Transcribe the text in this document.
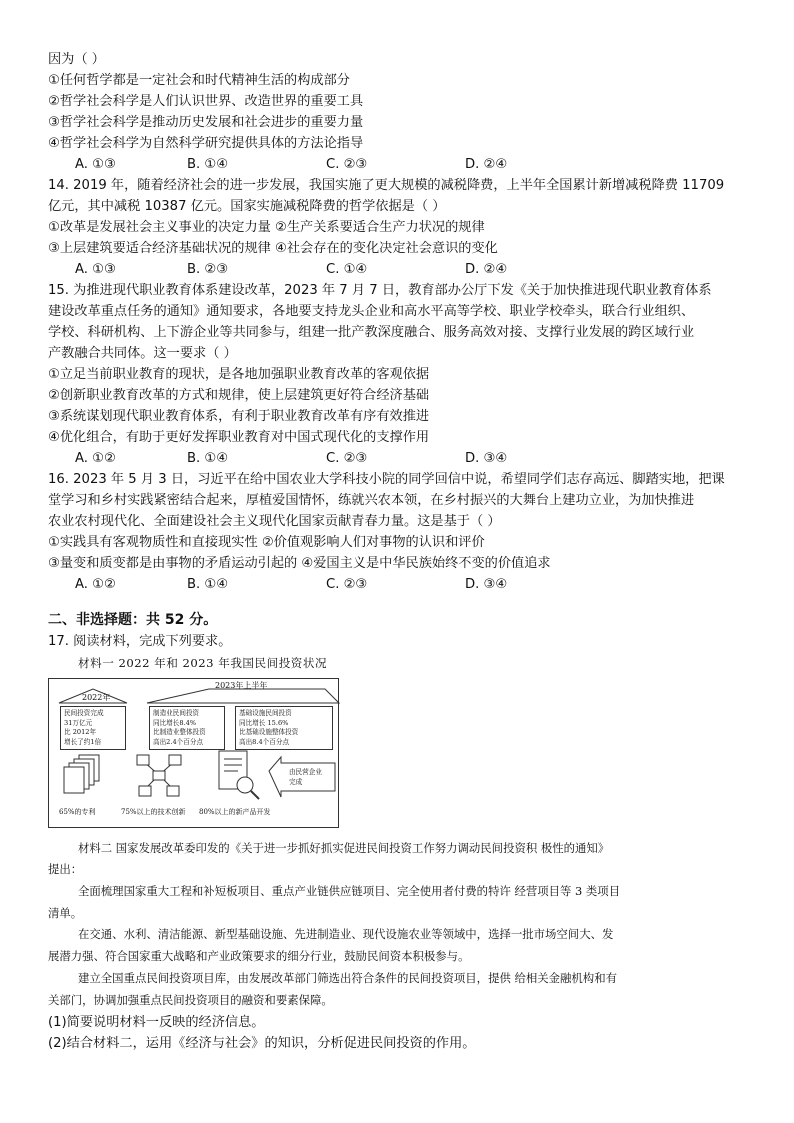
因为（ ）
①任何哲学都是一定社会和时代精神生活的构成部分
②哲学社会科学是人们认识世界、改造世界的重要工具
③哲学社会科学是推动历史发展和社会进步的重要力量
④哲学社会科学为自然科学研究提供具体的方法论指导
A. ①③	B. ①④	C. ②③	D. ②④
14. 2019 年，随着经济社会的进一步发展，我国实施了更大规模的减税降费，上半年全国累计新增减税降费 11709
亿元，其中减税 10387 亿元。国家实施减税降费的哲学依据是（ ）
①改革是发展社会主义事业的决定力量 ②生产关系要适合生产力状况的规律
③上层建筑要适合经济基础状况的规律 ④社会存在的变化决定社会意识的变化
A. ①③	B. ②③	C. ①④	D. ②④
15. 为推进现代职业教育体系建设改革，2023 年 7 月 7 日，教育部办公厅下发《关于加快推进现代职业教育体系
建设改革重点任务的通知》通知要求，各地要支持龙头企业和高水平高等学校、职业学校牵头，联合行业组织、
学校、科研机构、上下游企业等共同参与，组建一批产教深度融合、服务高效对接、支撑行业发展的跨区域行业
产教融合共同体。这一要求（ ）
①立足当前职业教育的现状，是各地加强职业教育改革的客观依据
②创新职业教育改革的方式和规律，使上层建筑更好符合经济基础
③系统谋划现代职业教育体系，有利于职业教育改革有序有效推进
④优化组合，有助于更好发挥职业教育对中国式现代化的支撑作用
A. ①②	B. ①④	C. ②③	D. ③④
16. 2023 年 5 月 3 日，习近平在给中国农业大学科技小院的同学回信中说，希望同学们志存高远、脚踏实地，把课
堂学习和乡村实践紧密结合起来，厚植爱国情怀，练就兴农本领，在乡村振兴的大舞台上建功立业，为加快推进
农业农村现代化、全面建设社会主义现代化国家贡献青春力量。这是基于（ ）
①实践具有客观物质性和直接现实性 ②价值观影响人们对事物的认识和评价
③量变和质变都是由事物的矛盾运动引起的 ④爱国主义是中华民族始终不变的价值追求
A. ①②	B. ①④	C. ②③	D. ③④
二、非选择题：共 52 分。
17. 阅读材料，完成下列要求。
材料一 2022 年和 2023 年我国民间投资状况
2022年
2023年上半年
民间投资完成
31万亿元
比 2012年
增长了约1倍
制造业民间投资
同比增长8.4%
比制造业整体投资
高出2.4个百分点
基础设施民间投资
同比增长 15.6%
比基础设施整体投资
高出8.4个百分点
由民营企业
完成
65%的专利	75%以上的技术创新 80%以上的新产品开发
材料二 国家发展改革委印发的《关于进一步抓好抓实促进民间投资工作努力调动民间投资积 极性的通知》
提出：
全面梳理国家重大工程和补短板项目、重点产业链供应链项目、完全使用者付费的特许 经营项目等 3 类项目
清单。
在交通、水利、清洁能源、新型基础设施、先进制造业、现代设施农业等领域中，选择一批市场空间大、发
展潜力强、符合国家重大战略和产业政策要求的细分行业，鼓励民间资本积极参与。
建立全国重点民间投资项目库，由发展改革部门筛选出符合条件的民间投资项目，提供 给相关金融机构和有
关部门，协调加强重点民间投资项目的融资和要素保障。
(1)简要说明材料一反映的经济信息。
(2)结合材料二，运用《经济与社会》的知识，分析促进民间投资的作用。
